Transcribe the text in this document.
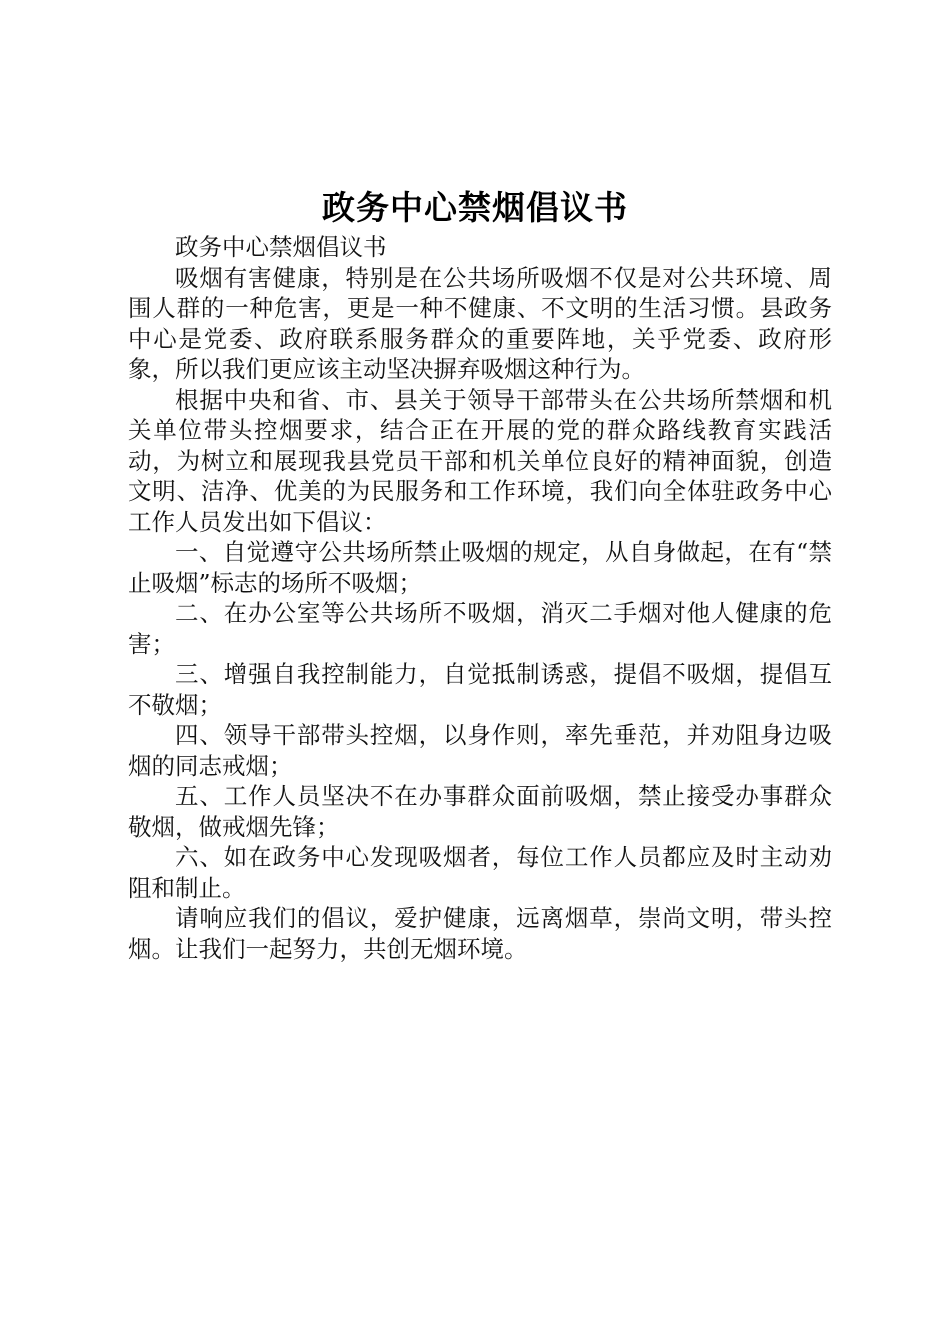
政务中心禁烟倡议书

政务中心禁烟倡议书

吸烟有害健康，特别是在公共场所吸烟不仅是对公共环境、周围人群的一种危害，更是一种不健康、不文明的生活习惯。县政务中心是党委、政府联系服务群众的重要阵地，关乎党委、政府形象，所以我们更应该主动坚决摒弃吸烟这种行为。

根据中央和省、市、县关于领导干部带头在公共场所禁烟和机关单位带头控烟要求，结合正在开展的党的群众路线教育实践活动，为树立和展现我县党员干部和机关单位良好的精神面貌，创造文明、洁净、优美的为民服务和工作环境，我们向全体驻政务中心工作人员发出如下倡议：

一、自觉遵守公共场所禁止吸烟的规定，从自身做起，在有“禁止吸烟”标志的场所不吸烟；

二、在办公室等公共场所不吸烟，消灭二手烟对他人健康的危害；

三、增强自我控制能力，自觉抵制诱惑，提倡不吸烟，提倡互不敬烟；

四、领导干部带头控烟，以身作则，率先垂范，并劝阻身边吸烟的同志戒烟；

五、工作人员坚决不在办事群众面前吸烟，禁止接受办事群众敬烟，做戒烟先锋；

六、如在政务中心发现吸烟者，每位工作人员都应及时主动劝阻和制止。

请响应我们的倡议，爱护健康，远离烟草，崇尚文明，带头控烟。让我们一起努力，共创无烟环境。
